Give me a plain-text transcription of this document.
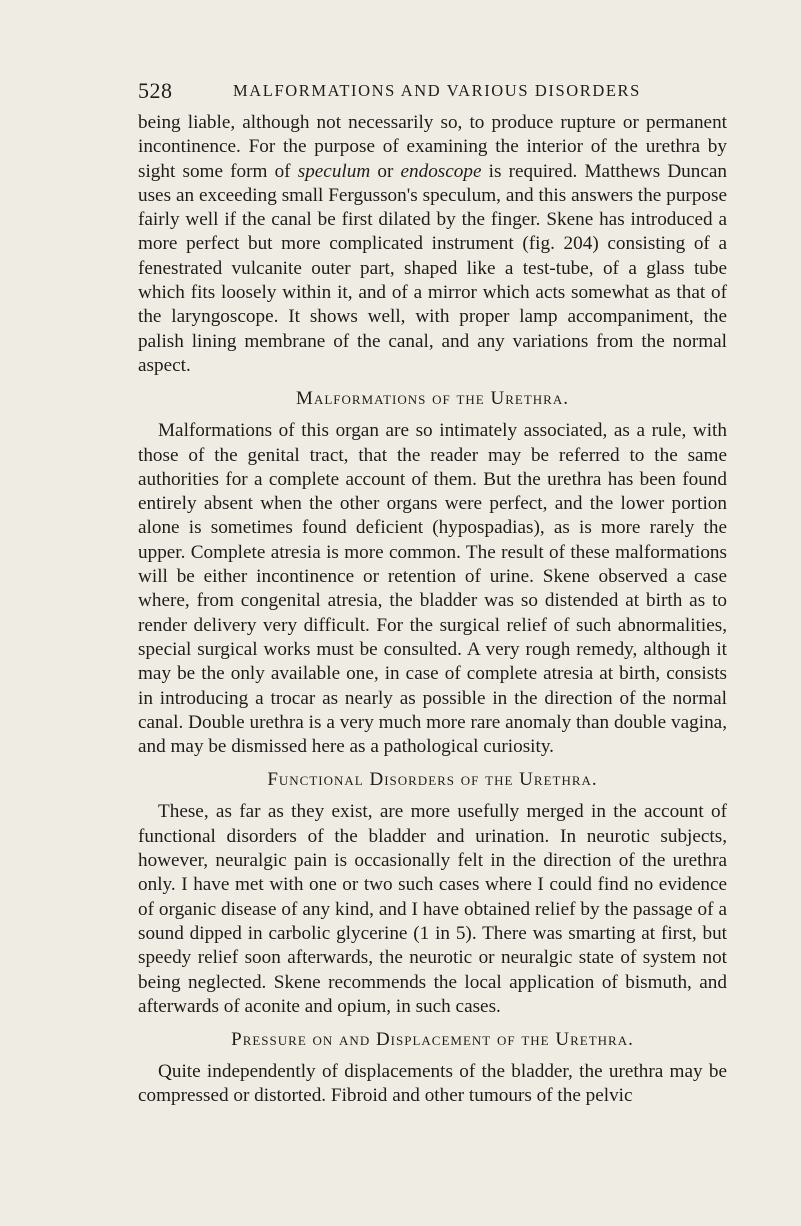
528	MALFORMATIONS AND VARIOUS DISORDERS

being liable, although not necessarily so, to produce rupture or permanent incontinence. For the purpose of examining the interior of the urethra by sight some form of speculum or endoscope is required. Matthews Duncan uses an exceeding small Fergusson's speculum, and this answers the purpose fairly well if the canal be first dilated by the finger. Skene has introduced a more perfect but more complicated instrument (fig. 204) consisting of a fenestrated vulcanite outer part, shaped like a test-tube, of a glass tube which fits loosely within it, and of a mirror which acts somewhat as that of the laryngoscope. It shows well, with proper lamp accompaniment, the palish lining membrane of the canal, and any variations from the normal aspect.

Malformations of the Urethra.

Malformations of this organ are so intimately associated, as a rule, with those of the genital tract, that the reader may be referred to the same authorities for a complete account of them. But the urethra has been found entirely absent when the other organs were perfect, and the lower portion alone is sometimes found deficient (hypospadias), as is more rarely the upper. Complete atresia is more common. The result of these malformations will be either incontinence or retention of urine. Skene observed a case where, from congenital atresia, the bladder was so distended at birth as to render delivery very difficult. For the surgical relief of such abnormalities, special surgical works must be consulted. A very rough remedy, although it may be the only available one, in case of complete atresia at birth, consists in introducing a trocar as nearly as possible in the direction of the normal canal. Double urethra is a very much more rare anomaly than double vagina, and may be dismissed here as a pathological curiosity.

Functional Disorders of the Urethra.

These, as far as they exist, are more usefully merged in the account of functional disorders of the bladder and urination. In neurotic subjects, however, neuralgic pain is occasionally felt in the direction of the urethra only. I have met with one or two such cases where I could find no evidence of organic disease of any kind, and I have obtained relief by the passage of a sound dipped in carbolic glycerine (1 in 5). There was smarting at first, but speedy relief soon afterwards, the neurotic or neuralgic state of system not being neglected. Skene recommends the local application of bismuth, and afterwards of aconite and opium, in such cases.

Pressure on and Displacement of the Urethra.

Quite independently of displacements of the bladder, the urethra may be compressed or distorted. Fibroid and other tumours of the pelvic
